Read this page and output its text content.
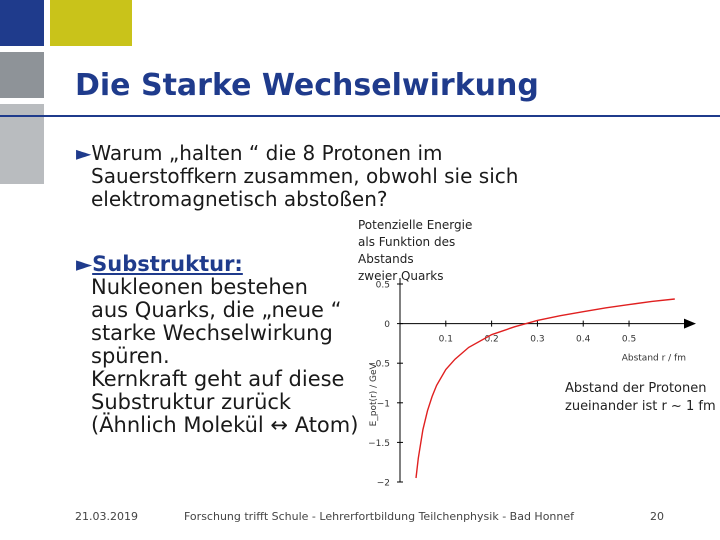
Die Starke Wechselwirkung
►Warum „halten “ die 8 Protonen im
Sauerstoffkern zusammen, obwohl sie sich
elektromagnetisch abstoßen?
►Substruktur:
Nukleonen bestehen
aus Quarks, die „neue “
starke Wechselwirkung
spüren.
Kernkraft geht auf diese
Substruktur zurück
(Ähnlich Molekül ↔ Atom)
Potenzielle Energie
als Funktion des
Abstands
zweier Quarks
0.5
0
−0.5
−1
−1.5
−2
0.1	0.2	0.3	0.4	0.5
Abstand r / fm
E_pot(r) / GeV	Abstand der Protonen
zueinander ist r ~ 1 fm
21.03.2019	Forschung trifft Schule - Lehrerfortbildung Teilchenphysik - Bad Honnef	20
